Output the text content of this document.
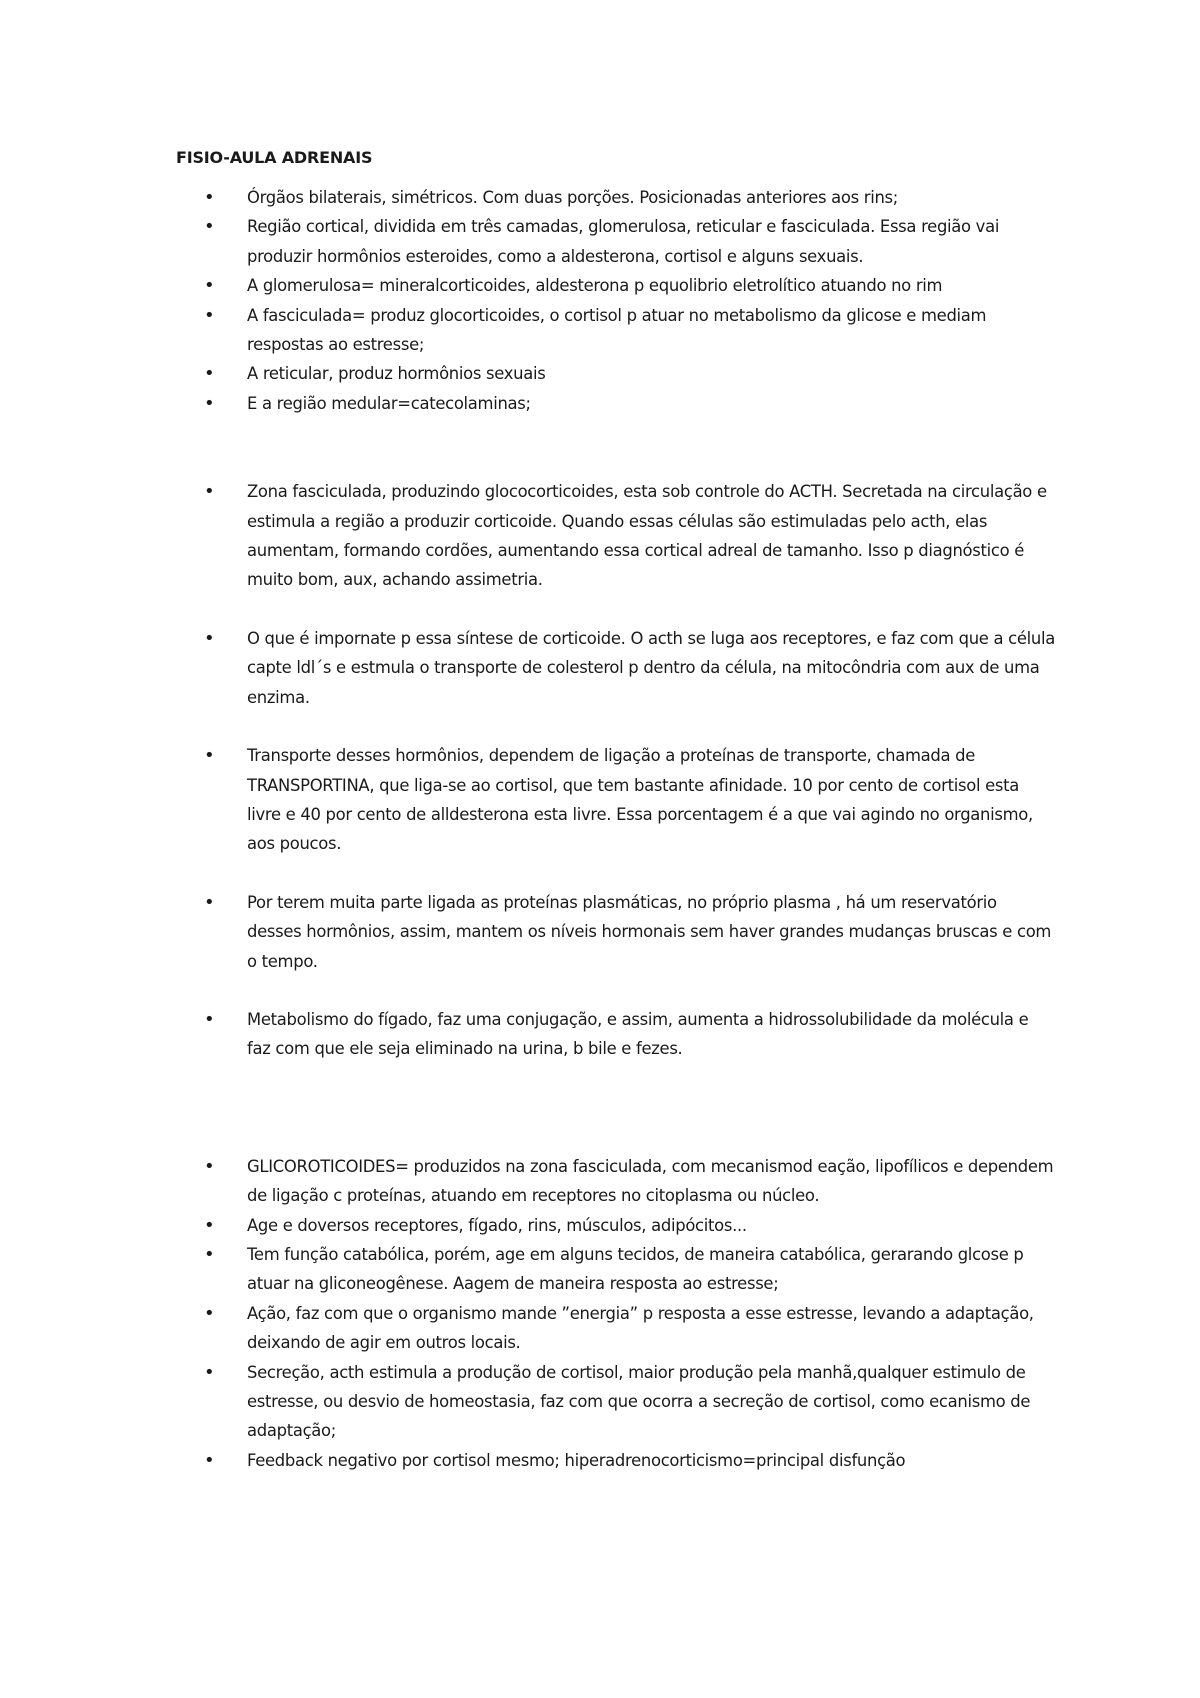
FISIO-AULA ADRENAIS
• Órgãos bilaterais, simétricos. Com duas porções. Posicionadas anteriores aos rins;
• Região cortical, dividida em três camadas, glomerulosa, reticular e fasciculada. Essa região vai produzir hormônios esteroides, como a aldesterona, cortisol e alguns sexuais.
• A glomerulosa= mineralcorticoides, aldesterona p equolibrio eletrolítico atuando no rim
• A fasciculada= produz glocorticoides, o cortisol p atuar no metabolismo da glicose e mediam respostas ao estresse;
• A reticular, produz hormônios sexuais
• E a região medular=catecolaminas;
• Zona fasciculada, produzindo glococorticoides, esta sob controle do ACTH. Secretada na circulação e estimula a região a produzir corticoide. Quando essas células são estimuladas pelo acth, elas aumentam, formando cordões, aumentando essa cortical adreal de tamanho. Isso p diagnóstico é muito bom, aux, achando assimetria.
• O que é impornate p essa síntese de corticoide. O acth se luga aos receptores, e faz com que a célula capte ldl´s e estmula o transporte de colesterol p dentro da célula, na mitocôndria com aux de uma enzima.
• Transporte desses hormônios, dependem de ligação a proteínas de transporte, chamada de TRANSPORTINA, que liga-se ao cortisol, que tem bastante afinidade. 10 por cento de cortisol esta livre e 40 por cento de alldesterona esta livre. Essa porcentagem é a que vai agindo no organismo, aos poucos.
• Por terem muita parte ligada as proteínas plasmáticas, no próprio plasma , há um reservatório desses hormônios, assim, mantem os níveis hormonais sem haver grandes mudanças bruscas e com o tempo.
• Metabolismo do fígado, faz uma conjugação, e assim, aumenta a hidrossolubilidade da molécula e faz com que ele seja eliminado na urina, b bile e fezes.
• GLICOROTICOIDES= produzidos na zona fasciculada, com mecanismod eação, lipofílicos e dependem de ligação c proteínas, atuando em receptores no citoplasma ou núcleo.
• Age e doversos receptores, fígado, rins, músculos, adipócitos...
• Tem função catabólica, porém, age em alguns tecidos, de maneira catabólica, gerarando glcose p atuar na gliconeogênese. Aagem de maneira resposta ao estresse;
• Ação, faz com que o organismo mande ”energia” p resposta a esse estresse, levando a adaptação, deixando de agir em outros locais.
• Secreção, acth estimula a produção de cortisol, maior produção pela manhã,qualquer estimulo de estresse, ou desvio de homeostasia, faz com que ocorra a secreção de cortisol, como ecanismo de adaptação;
• Feedback negativo por cortisol mesmo; hiperadrenocorticismo=principal disfunção
